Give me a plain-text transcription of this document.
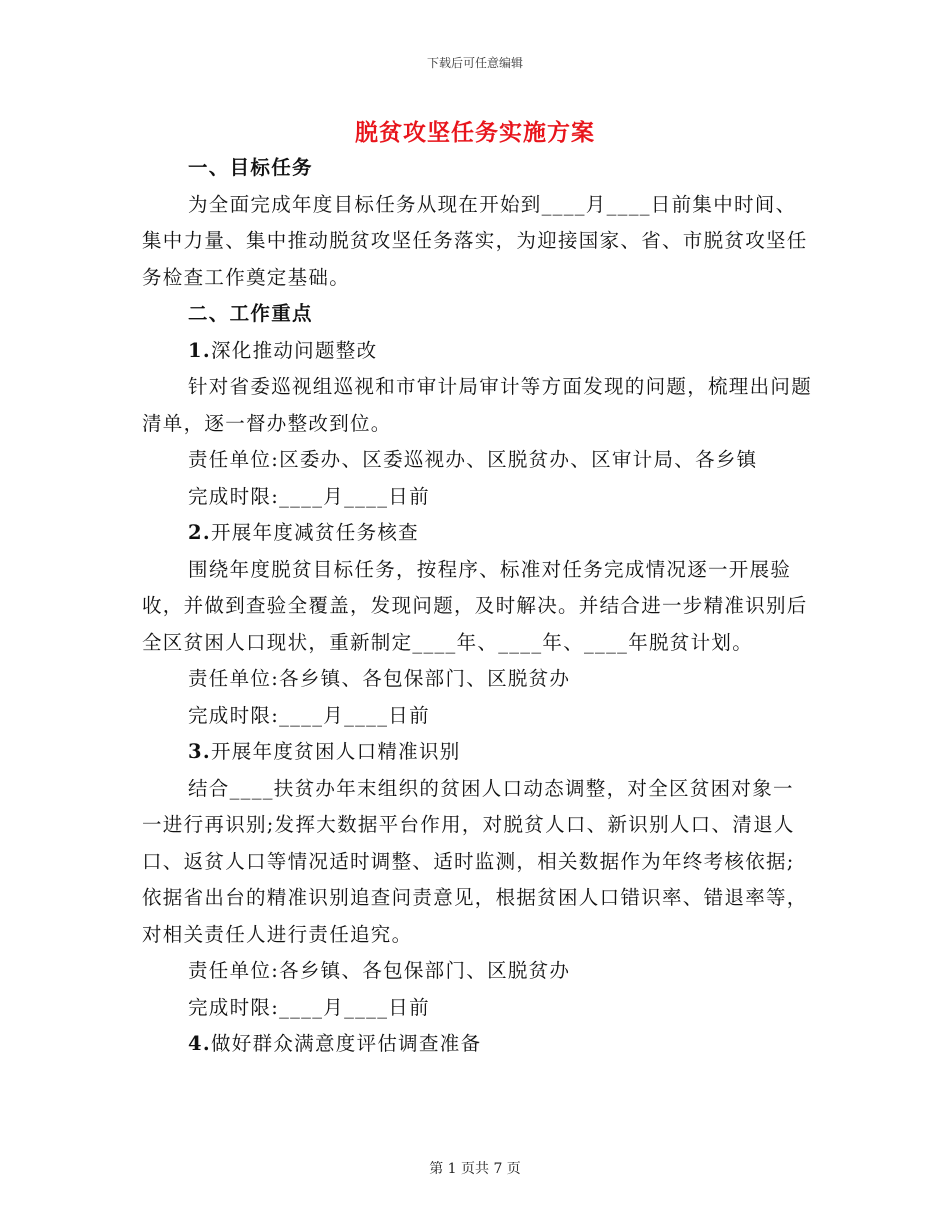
下载后可任意编辑
脱贫攻坚任务实施方案

一、目标任务

为全面完成年度目标任务从现在开始到____月____日前集中时间、集中力量、集中推动脱贫攻坚任务落实，为迎接国家、省、市脱贫攻坚任务检查工作奠定基础。

二、工作重点

1.深化推动问题整改

针对省委巡视组巡视和市审计局审计等方面发现的问题，梳理出问题清单，逐一督办整改到位。

责任单位:区委办、区委巡视办、区脱贫办、区审计局、各乡镇

完成时限:____月____日前

2.开展年度减贫任务核查

围绕年度脱贫目标任务，按程序、标准对任务完成情况逐一开展验收，并做到查验全覆盖，发现问题，及时解决。并结合进一步精准识别后全区贫困人口现状，重新制定____年、____年、____年脱贫计划。

责任单位:各乡镇、各包保部门、区脱贫办

完成时限:____月____日前

3.开展年度贫困人口精准识别

结合____扶贫办年末组织的贫困人口动态调整，对全区贫困对象一一进行再识别;发挥大数据平台作用，对脱贫人口、新识别人口、清退人口、返贫人口等情况适时调整、适时监测，相关数据作为年终考核依据;依据省出台的精准识别追查问责意见，根据贫困人口错识率、错退率等，对相关责任人进行责任追究。

责任单位:各乡镇、各包保部门、区脱贫办

完成时限:____月____日前

4.做好群众满意度评估调查准备

第 1 页共 7 页
